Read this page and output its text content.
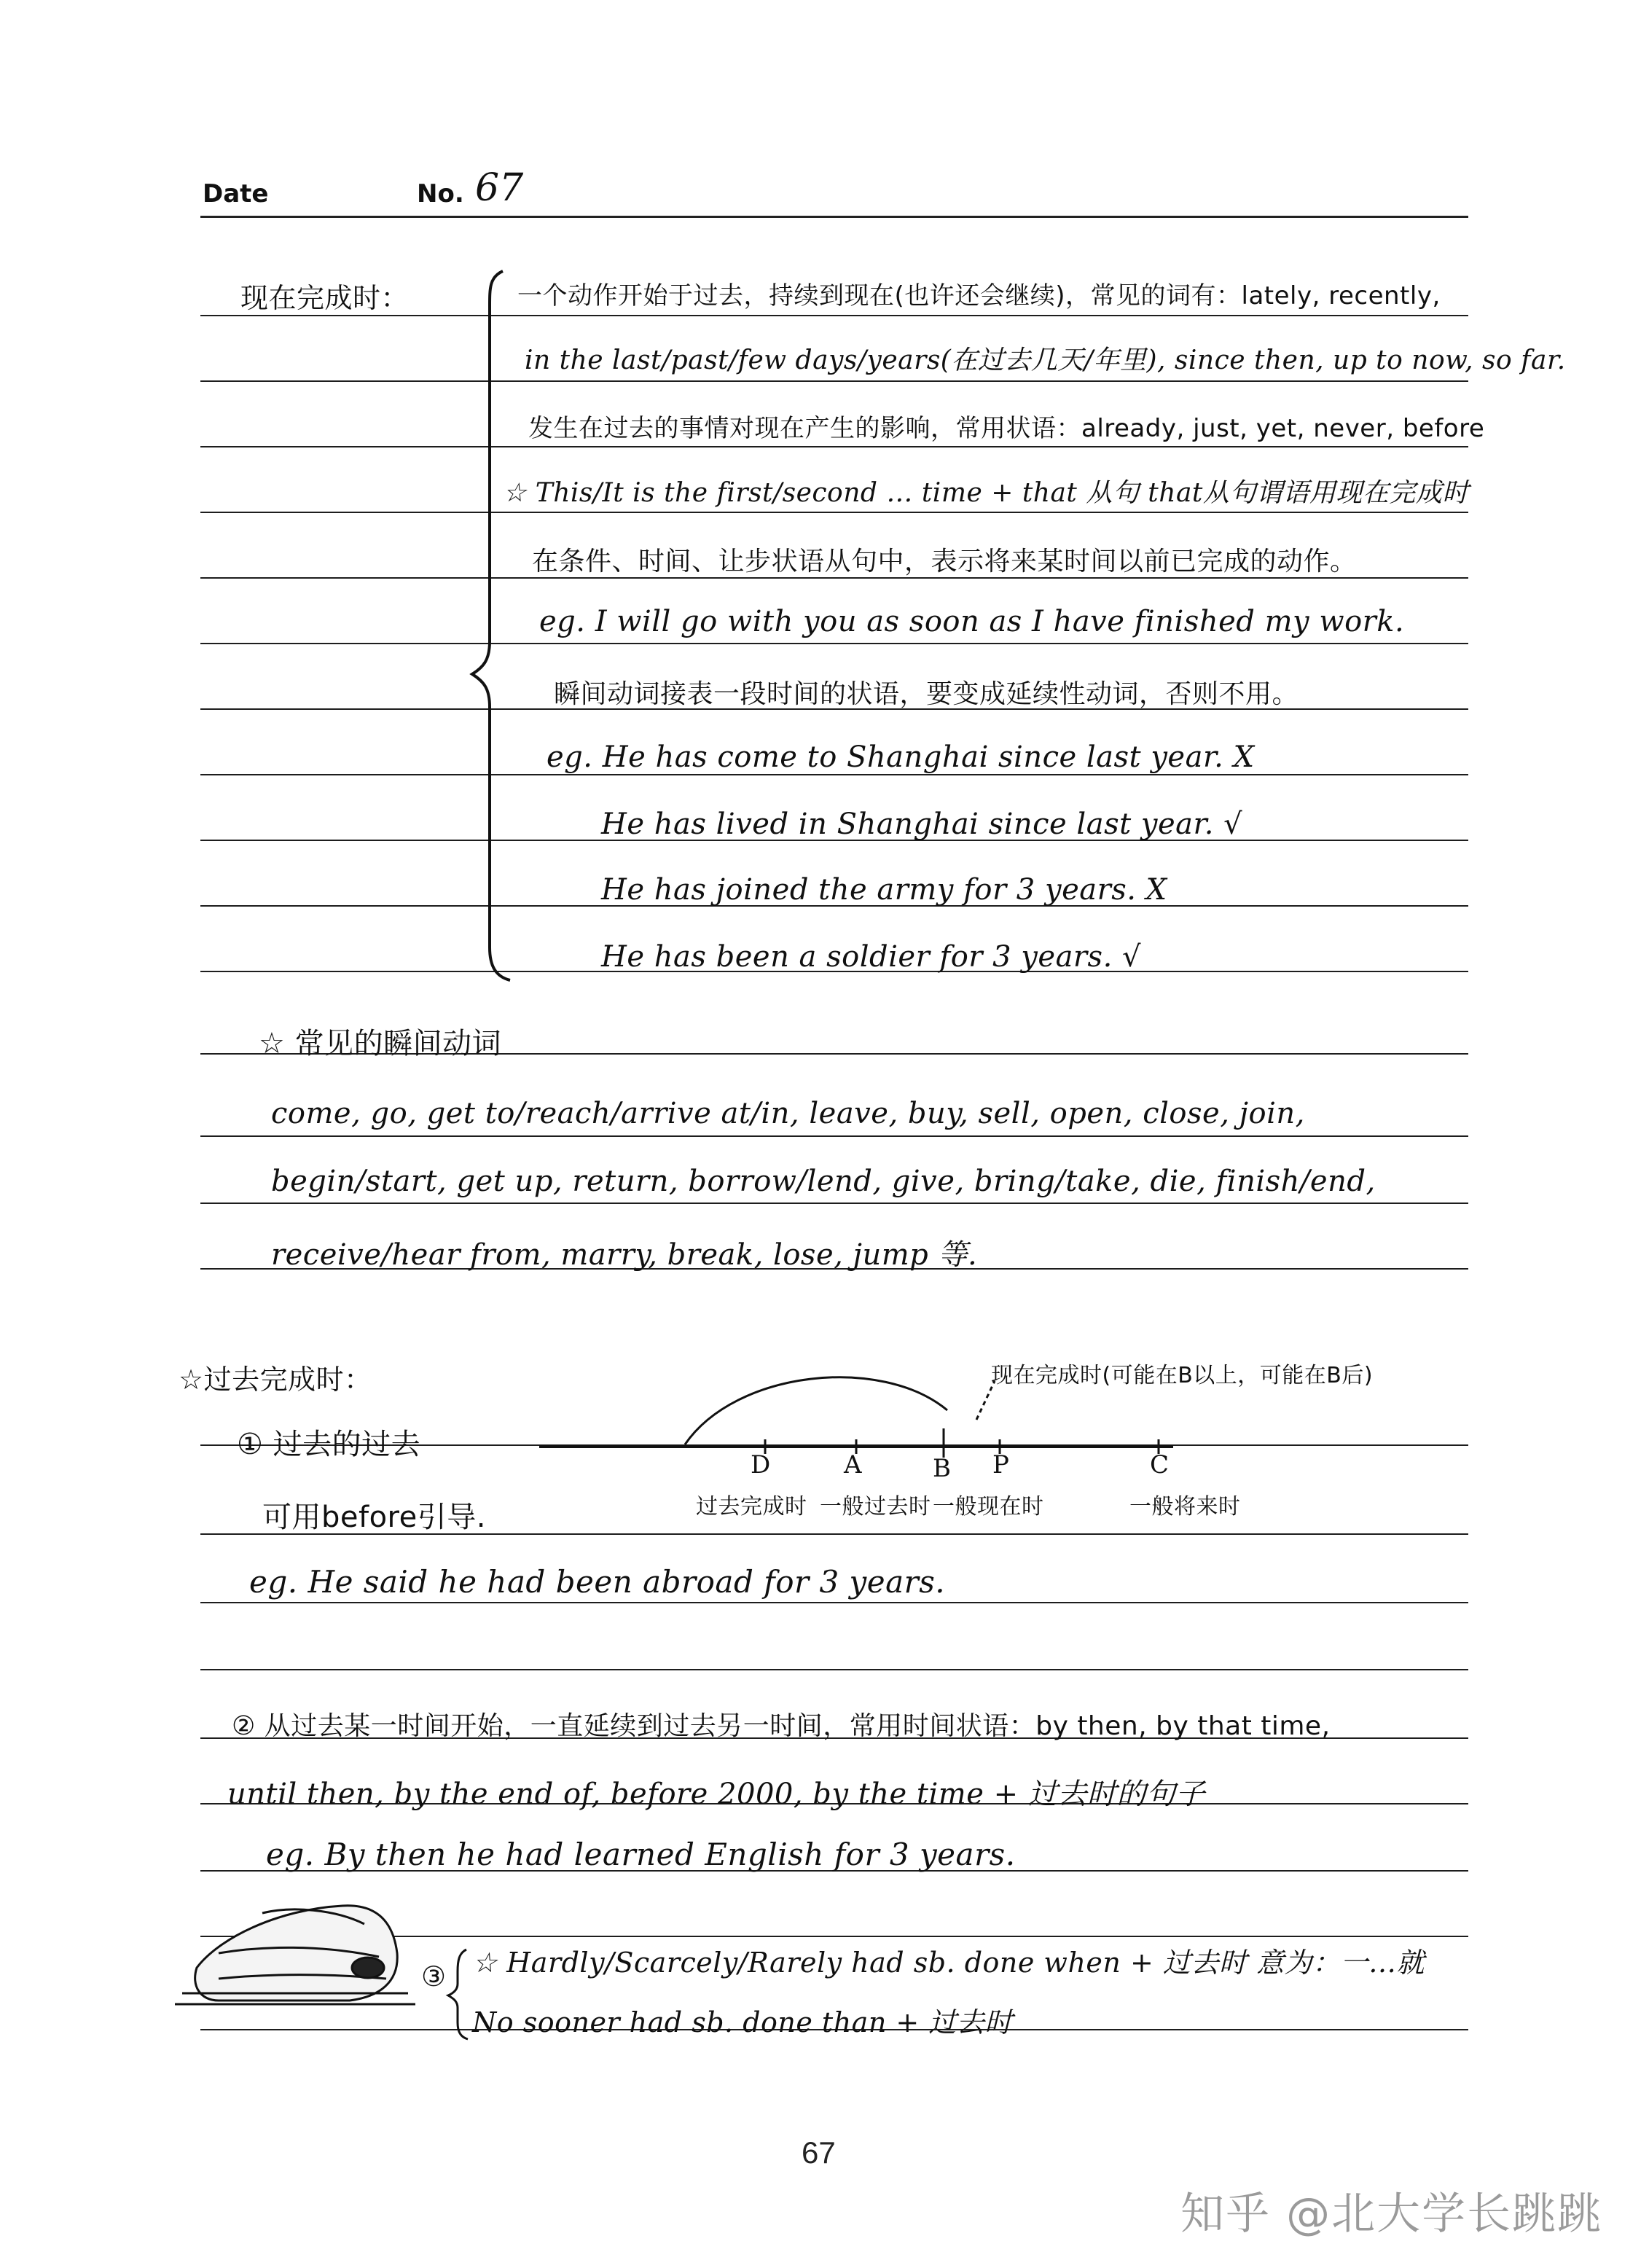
Date	No. 67
现在完成时：	一个动作开始于过去，持续到现在(也许还会继续)，常见的词有：lately, recently,
in the last/past/few days/years(在过去几天/年里), since then, up to now, so far.
发生在过去的事情对现在产生的影响，常用状语：already, just, yet, never, before
☆ This/It is the first/second … time + that 从句 that从句谓语用现在完成时
在条件、时间、让步状语从句中，表示将来某时间以前已完成的动作。
eg. I will go with you as soon as I have finished my work.
瞬间动词接表一段时间的状语，要变成延续性动词，否则不用。
eg. He has come to Shanghai since last year. X
He has lived in Shanghai since last year. √
He has joined the army for 3 years. X
He has been a soldier for 3 years. √
☆ 常见的瞬间动词
come, go, get to/reach/arrive at/in, leave, buy, sell, open, close, join,
begin/start, get up, return, borrow/lend, give, bring/take, die, finish/end,
receive/hear from, marry, break, lose, jump 等.
☆过去完成时：	现在完成时(可能在B以上，可能在B后)
① 过去的过去
D	A	B P	C
过去完成时 一般过去时 一般现在时	一般将来时
可用before引导.
eg. He said he had been abroad for 3 years.
② 从过去某一时间开始，一直延续到过去另一时间，常用时间状语：by then, by that time,
until then, by the end of, before 2000, by the time + 过去时的句子
eg. By then he had learned English for 3 years.
③ ☆ Hardly/Scarcely/Rarely had sb. done when + 过去时 意为：一…就
No sooner had sb. done than + 过去时
67
知乎 @北大学长跳跳
